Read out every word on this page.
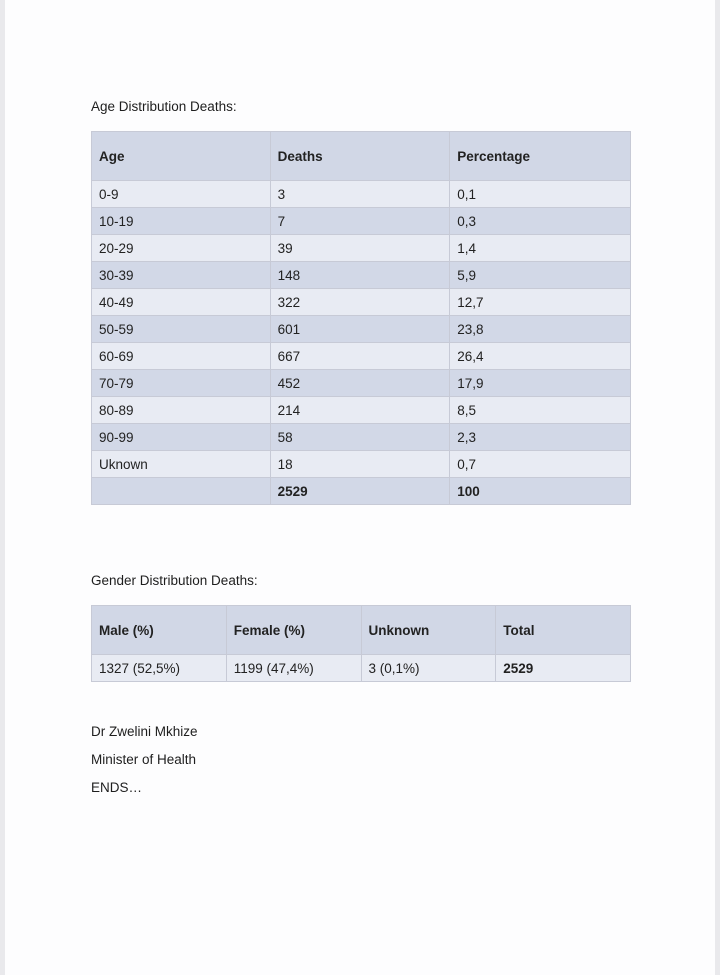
Age Distribution Deaths:

Age	Deaths	Percentage
0-9	3	0,1
10-19	7	0,3
20-29	39	1,4
30-39	148	5,9
40-49	322	12,7
50-59	601	23,8
60-69	667	26,4
70-79	452	17,9
80-89	214	8,5
90-99	58	2,3
Uknown	18	0,7
	2529	100

Gender Distribution Deaths:

Male (%)	Female (%)	Unknown	Total
1327 (52,5%)	1199 (47,4%)	3 (0,1%)	2529
Dr Zwelini Mkhize
Minister of Health
ENDS…
